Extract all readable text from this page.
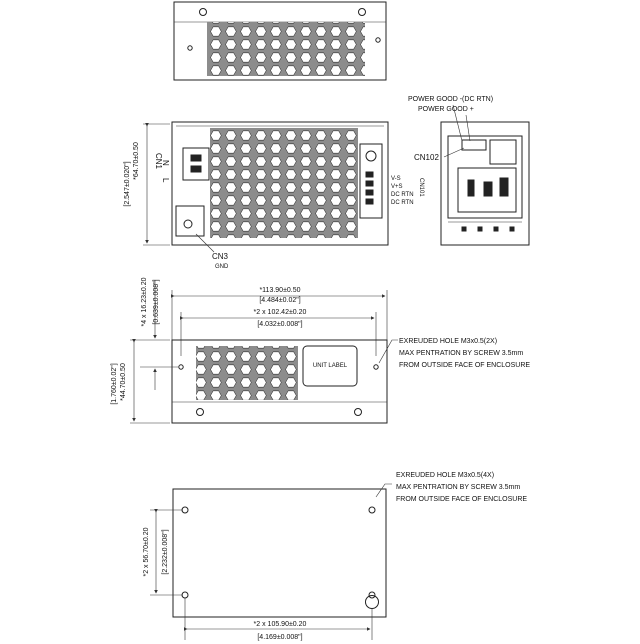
N
L
CN1
CN3
GND
V-S
V+S
DC RTN
DC RTN
CN101
*64.70±0.50
[2.547±0.020"]
POWER GOOD -(DC RTN)
POWER GOOD +
CN102
*113.90±0.50
[4.484±0.02"]
*2 x 102.42±0.20
[4.032±0.008"]
UNIT LABEL
*4 x 16.23±0.20 [0.639±0.008"]
*44.70±0.50
[1.760±0.02"]
EXREUDED HOLE M3x0.5(2X)
MAX PENTRATION BY SCREW 3.5mm
FROM OUTSIDE FACE OF ENCLOSURE
EXREUDED HOLE M3x0.5(4X)
MAX PENTRATION BY SCREW 3.5mm
FROM OUTSIDE FACE OF ENCLOSURE
*2 x 56.70±0.20 [2.232±0.008"]
*2 x 105.90±0.20
[4.169±0.008"]
